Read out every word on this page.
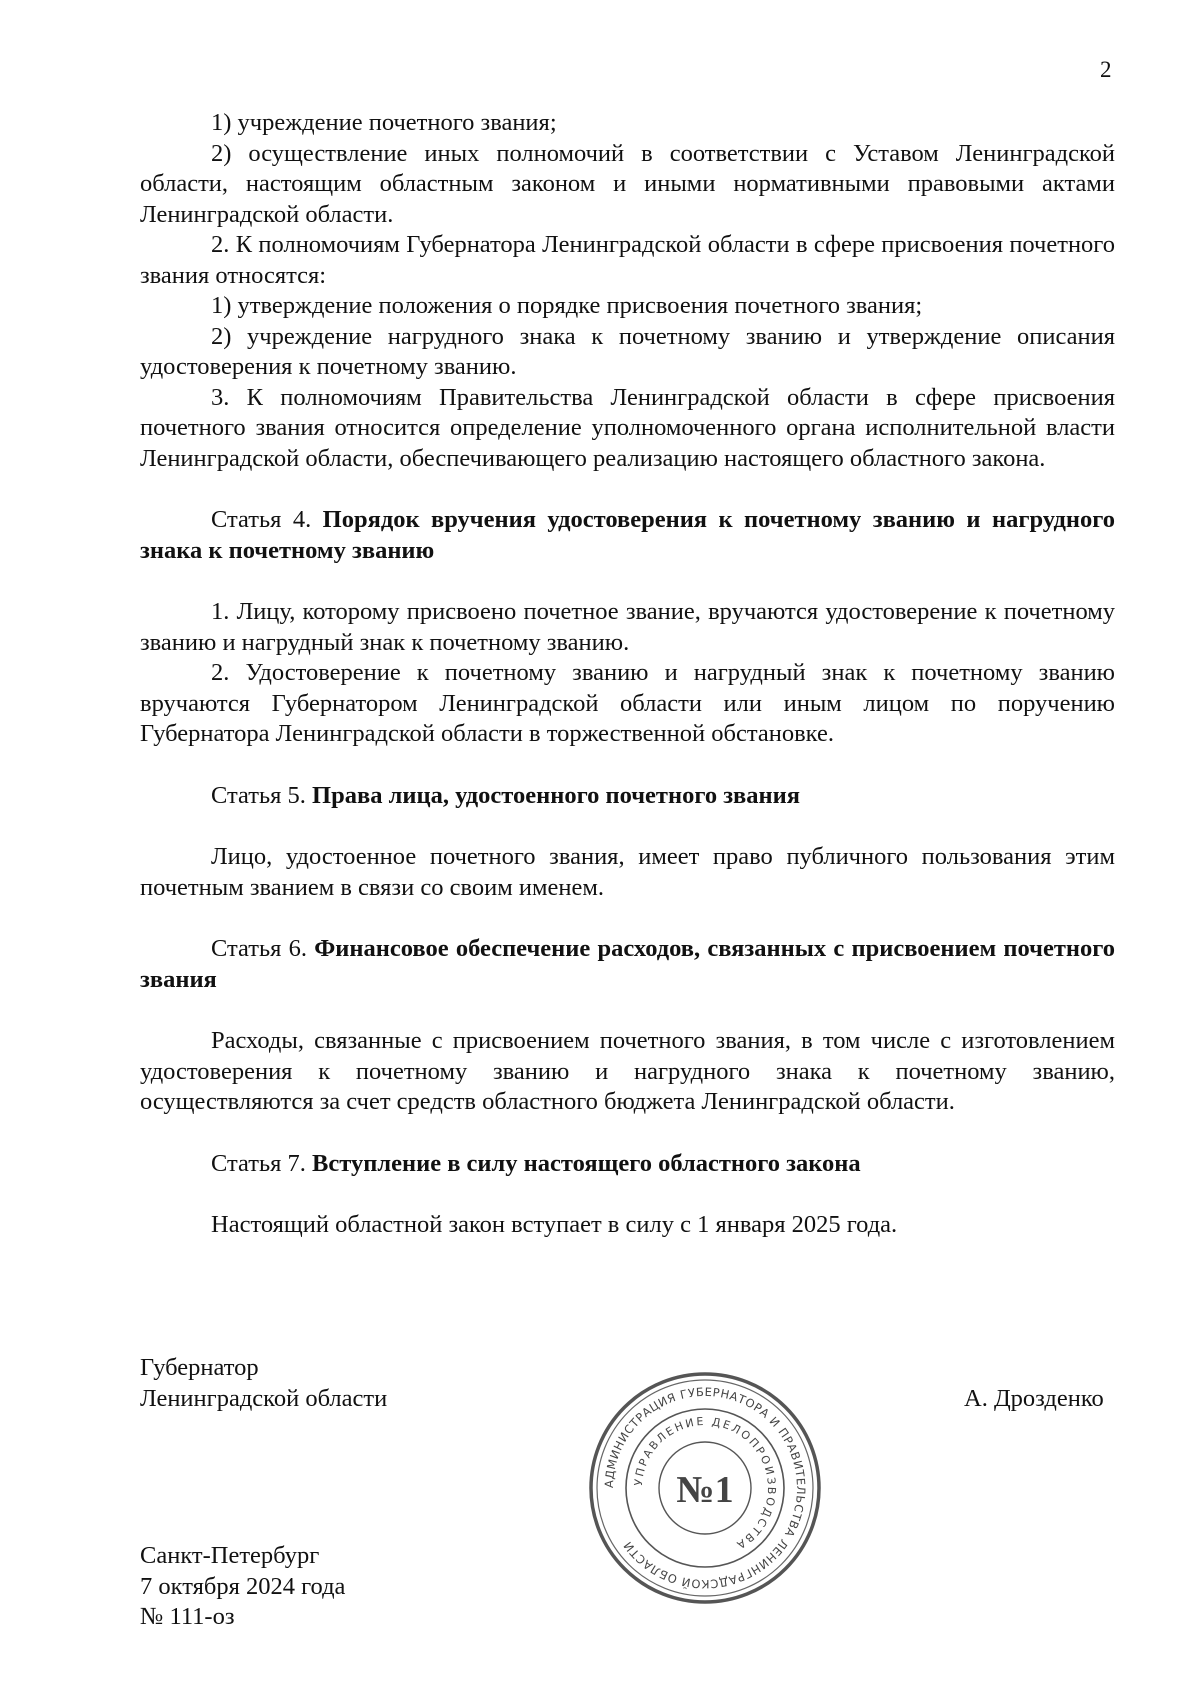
2

1) учреждение почетного звания;

2) осуществление иных полномочий в соответствии с Уставом Ленинградской области, настоящим областным законом и иными нормативными правовыми актами Ленинградской области.

2. К полномочиям Губернатора Ленинградской области в сфере присвоения почетного звания относятся:

1) утверждение положения о порядке присвоения почетного звания;

2) учреждение нагрудного знака к почетному званию и утверждение описания удостоверения к почетному званию.

3. К полномочиям Правительства Ленинградской области в сфере присвоения почетного звания относится определение уполномоченного органа исполнительной власти Ленинградской области, обеспечивающего реализацию настоящего областного закона.

Статья 4. Порядок вручения удостоверения к почетному званию и нагрудного знака к почетному званию

1. Лицу, которому присвоено почетное звание, вручаются удостоверение к почетному званию и нагрудный знак к почетному званию.

2. Удостоверение к почетному званию и нагрудный знак к почетному званию вручаются Губернатором Ленинградской области или иным лицом по поручению Губернатора Ленинградской области в торжественной обстановке.

Статья 5. Права лица, удостоенного почетного звания

Лицо, удостоенное почетного звания, имеет право публичного пользования этим почетным званием в связи со своим именем.

Статья 6. Финансовое обеспечение расходов, связанных с присвоением почетного звания

Расходы, связанные с присвоением почетного звания, в том числе с изготовлением удостоверения к почетному званию и нагрудного знака к почетному званию, осуществляются за счет средств областного бюджета Ленинградской области.

Статья 7. Вступление в силу настоящего областного закона

Настоящий областной закон вступает в силу с 1 января 2025 года.

Губернатор
Ленинградской области	А. Дрозденко
Санкт-Петербург
7 октября 2024 года
№ 111-оз
АДМИНИСТРАЦИЯ ГУБЕРНАТОРА И ПРАВИТЕЛЬСТВА ЛЕНИНГРАДСКОЙ ОБЛАСТИ
УПРАВЛЕНИЕ ДЕЛОПРОИЗВОДСТВА
№1
